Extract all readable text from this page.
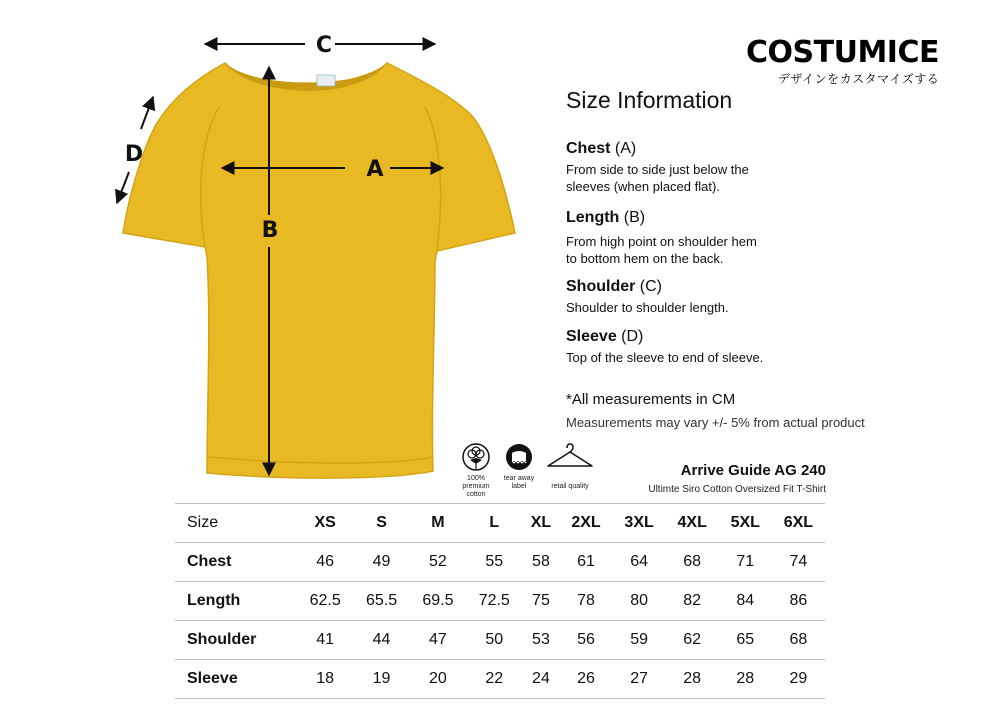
C
A
B
D
COSTUMICE
デザインをカスタマイズする
Size Information
Chest (A)

From side to side just below the
sleeves (when placed flat).

Length (B)

From high point on shoulder hem
to bottom hem on the back.

Shoulder (C)

Shoulder to shoulder length.

Sleeve (D)

Top of the sleeve to end of sleeve.

*All measurements in CM
Measurements may vary +/- 5% from actual product
100%
premium
cotton
tear away
label	retail quality
Arrive Guide AG 240
Ultimte Siro Cotton Oversized Fit T-Shirt
Size	XS	S	M	L	XL	2XL	3XL	4XL	5XL	6XL
Chest	46	49	52	55	58	61	64	68	71	74
Length	62.5	65.5	69.5	72.5	75	78	80	82	84	86
Shoulder	41	44	47	50	53	56	59	62	65	68
Sleeve	18	19	20	22	24	26	27	28	28	29
